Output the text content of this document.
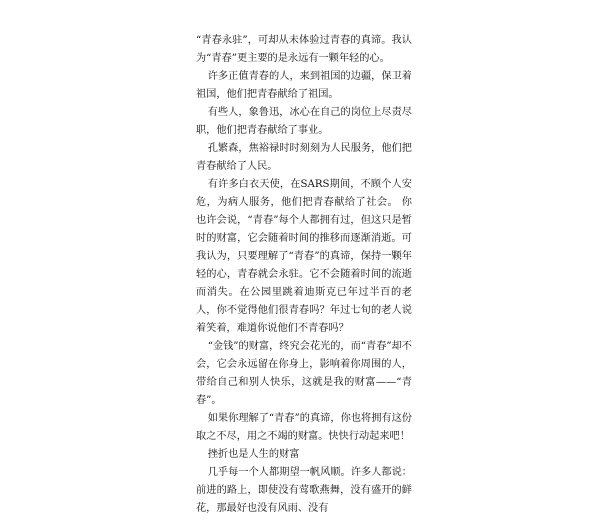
“青春永驻”，可却从未体验过青春的真谛。我认为“青春”更主要的是永远有一颗年轻的心。

许多正值青春的人，来到祖国的边疆，保卫着祖国，他们把青春献给了祖国。

有些人，象鲁迅，冰心在自己的岗位上尽责尽职，他们把青春献给了事业。

孔繁森，焦裕禄时时刻刻为人民服务，他们把青春献给了人民。

有许多白衣天使，在SARS期间，不顾个人安危，为病人服务，他们把青春献给了社会。 你也许会说，“青春”每个人都拥有过，但这只是暂时的财富，它会随着时间的推移而逐渐消逝。可我认为，只要理解了“青春”的真谛，保持一颗年轻的心，青春就会永驻。它不会随着时间的流逝而消失。在公园里跳着迪斯克已年过半百的老人，你不觉得他们很青春吗？年过七旬的老人说着笑着，难道你说他们不青春吗？

“金钱”的财富，终究会花光的，而“青春”却不会，它会永远留在你身上，影响着你周围的人，带给自己和别人快乐，这就是我的财富——“青春”。

如果你理解了“青春”的真谛，你也将拥有这份取之不尽，用之不竭的财富。快快行动起来吧！

挫折也是人生的财富

几乎每一个人都期望一帆风顺。许多人都说：前进的路上，即使没有莺歌燕舞，没有盛开的鲜花，那最好也没有风雨、没有
